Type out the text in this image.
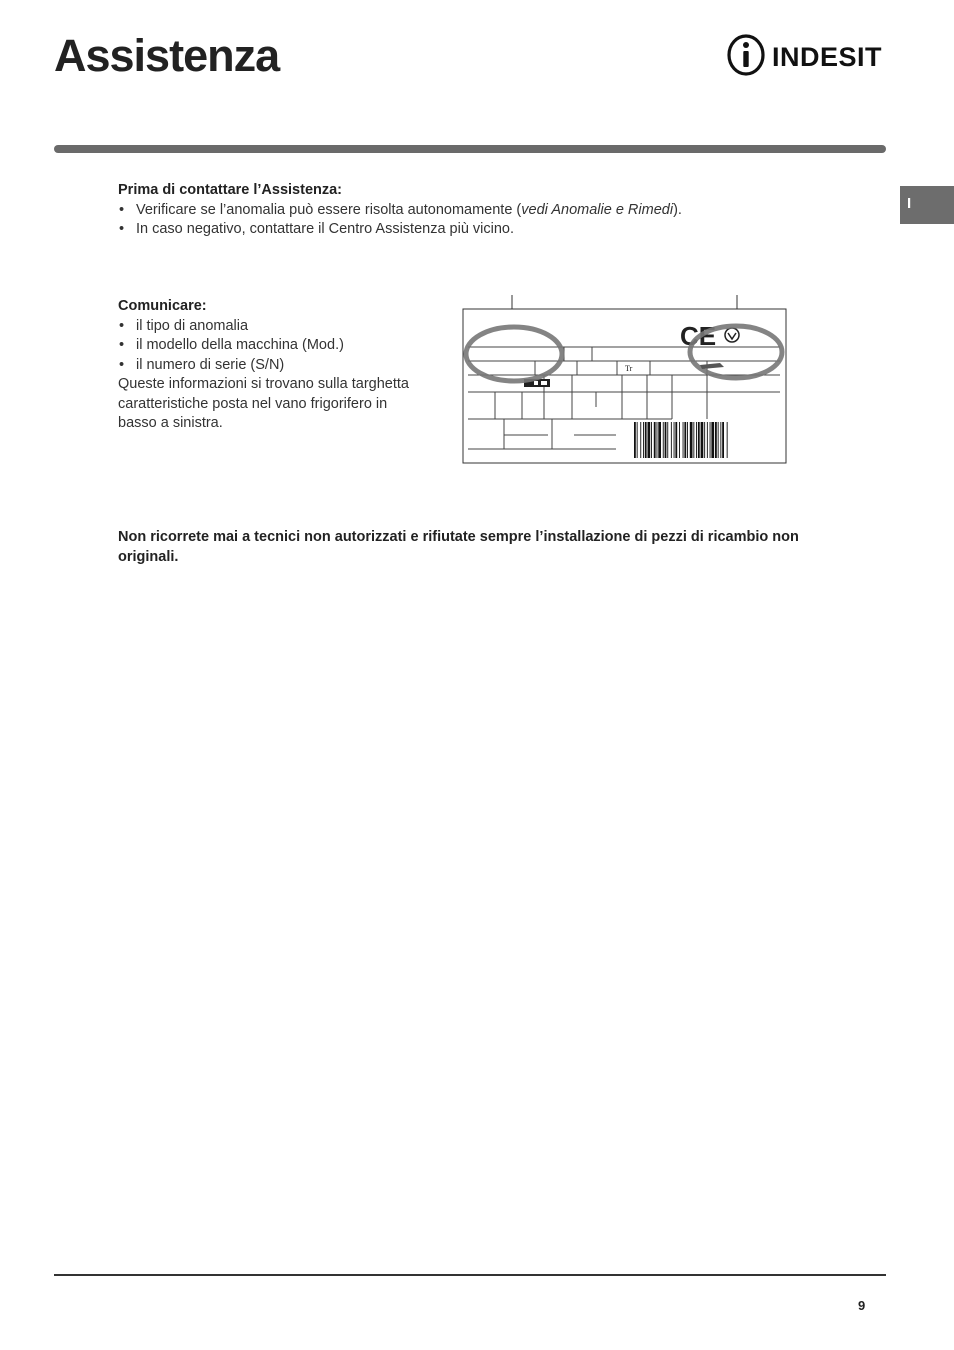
Assistenza	INDESIT
I
Prima di contattare l’Assistenza:
• Verificare se l’anomalia può essere risolta autonomamente (vedi Anomalie e Rimedi).
• In caso negativo, contattare il Centro Assistenza più vicino.
Comunicare:
• il tipo di anomalia
• il modello della macchina (Mod.)
• il numero di serie (S/N)

Queste informazioni si trovano sulla targhetta caratteristiche posta nel vano frigorifero in basso a sinistra.

CE
Tr

Non ricorrete mai a tecnici non autorizzati e rifiutate sempre l’installazione di pezzi di ricambio non originali.

9
